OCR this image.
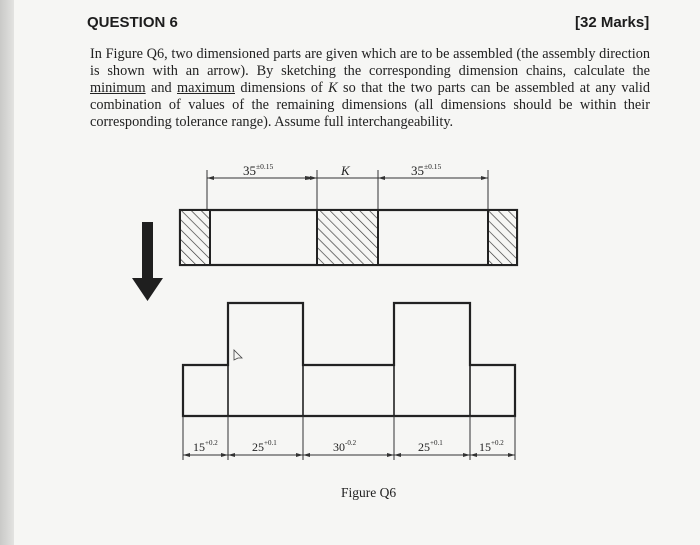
QUESTION 6	[32 Marks]
In Figure Q6, two dimensioned parts are given which are to be assembled (the assembly direction is shown with an arrow). By sketching the corresponding dimension chains, calculate the minimum and maximum dimensions of K so that the two parts can be assembled at any valid combination of values of the remaining dimensions (all dimensions should be within their corresponding tolerance range). Assume full interchangeability.
$35^{\pm 0.15}$	K	$35^{\pm 0.15}$
$15^{+0.2}$	$25^{+0.1}$	$30^{-0.2}$	$25^{+0.1}$	$15^{+0.2}$
Figure Q6
